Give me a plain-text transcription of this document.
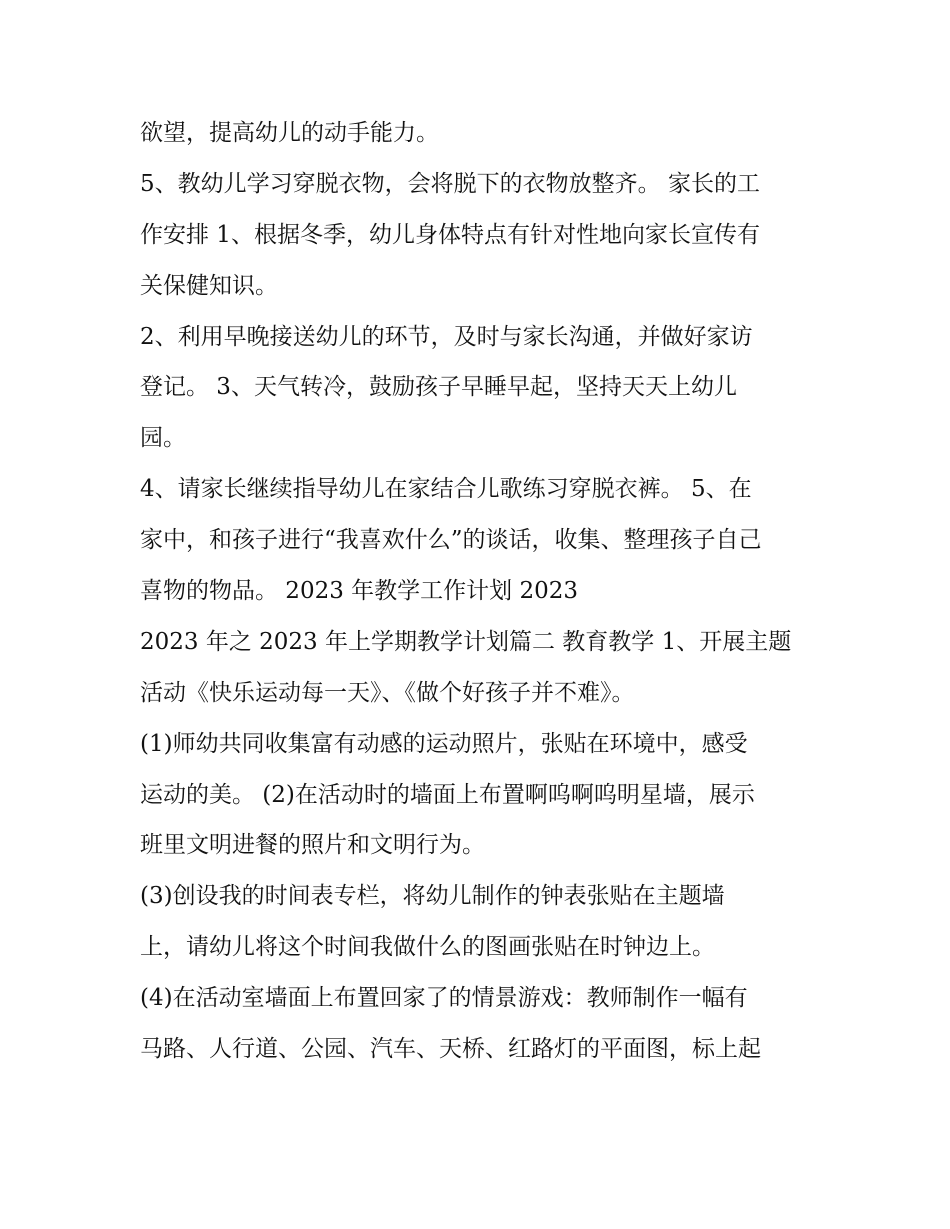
欲望，提高幼儿的动手能力。
5、教幼儿学习穿脱衣物，会将脱下的衣物放整齐。 家长的工
作安排 1、根据冬季，幼儿身体特点有针对性地向家长宣传有
关保健知识。
2、利用早晚接送幼儿的环节，及时与家长沟通，并做好家访
登记。 3、天气转冷，鼓励孩子早睡早起，坚持天天上幼儿
园。
4、请家长继续指导幼儿在家结合儿歌练习穿脱衣裤。 5、在
家中，和孩子进行“我喜欢什么”的谈话，收集、整理孩子自己
喜物的物品。 2023 年教学工作计划 2023
2023 年之 2023 年上学期教学计划篇二 教育教学 1、开展主题
活动《快乐运动每一天》、《做个好孩子并不难》。
(1)师幼共同收集富有动感的运动照片，张贴在环境中，感受
运动的美。 (2)在活动时的墙面上布置啊呜啊呜明星墙，展示
班里文明进餐的照片和文明行为。
(3)创设我的时间表专栏，将幼儿制作的钟表张贴在主题墙
上，请幼儿将这个时间我做什么的图画张贴在时钟边上。
(4)在活动室墙面上布置回家了的情景游戏：教师制作一幅有
马路、人行道、公园、汽车、天桥、红路灯的平面图，标上起
